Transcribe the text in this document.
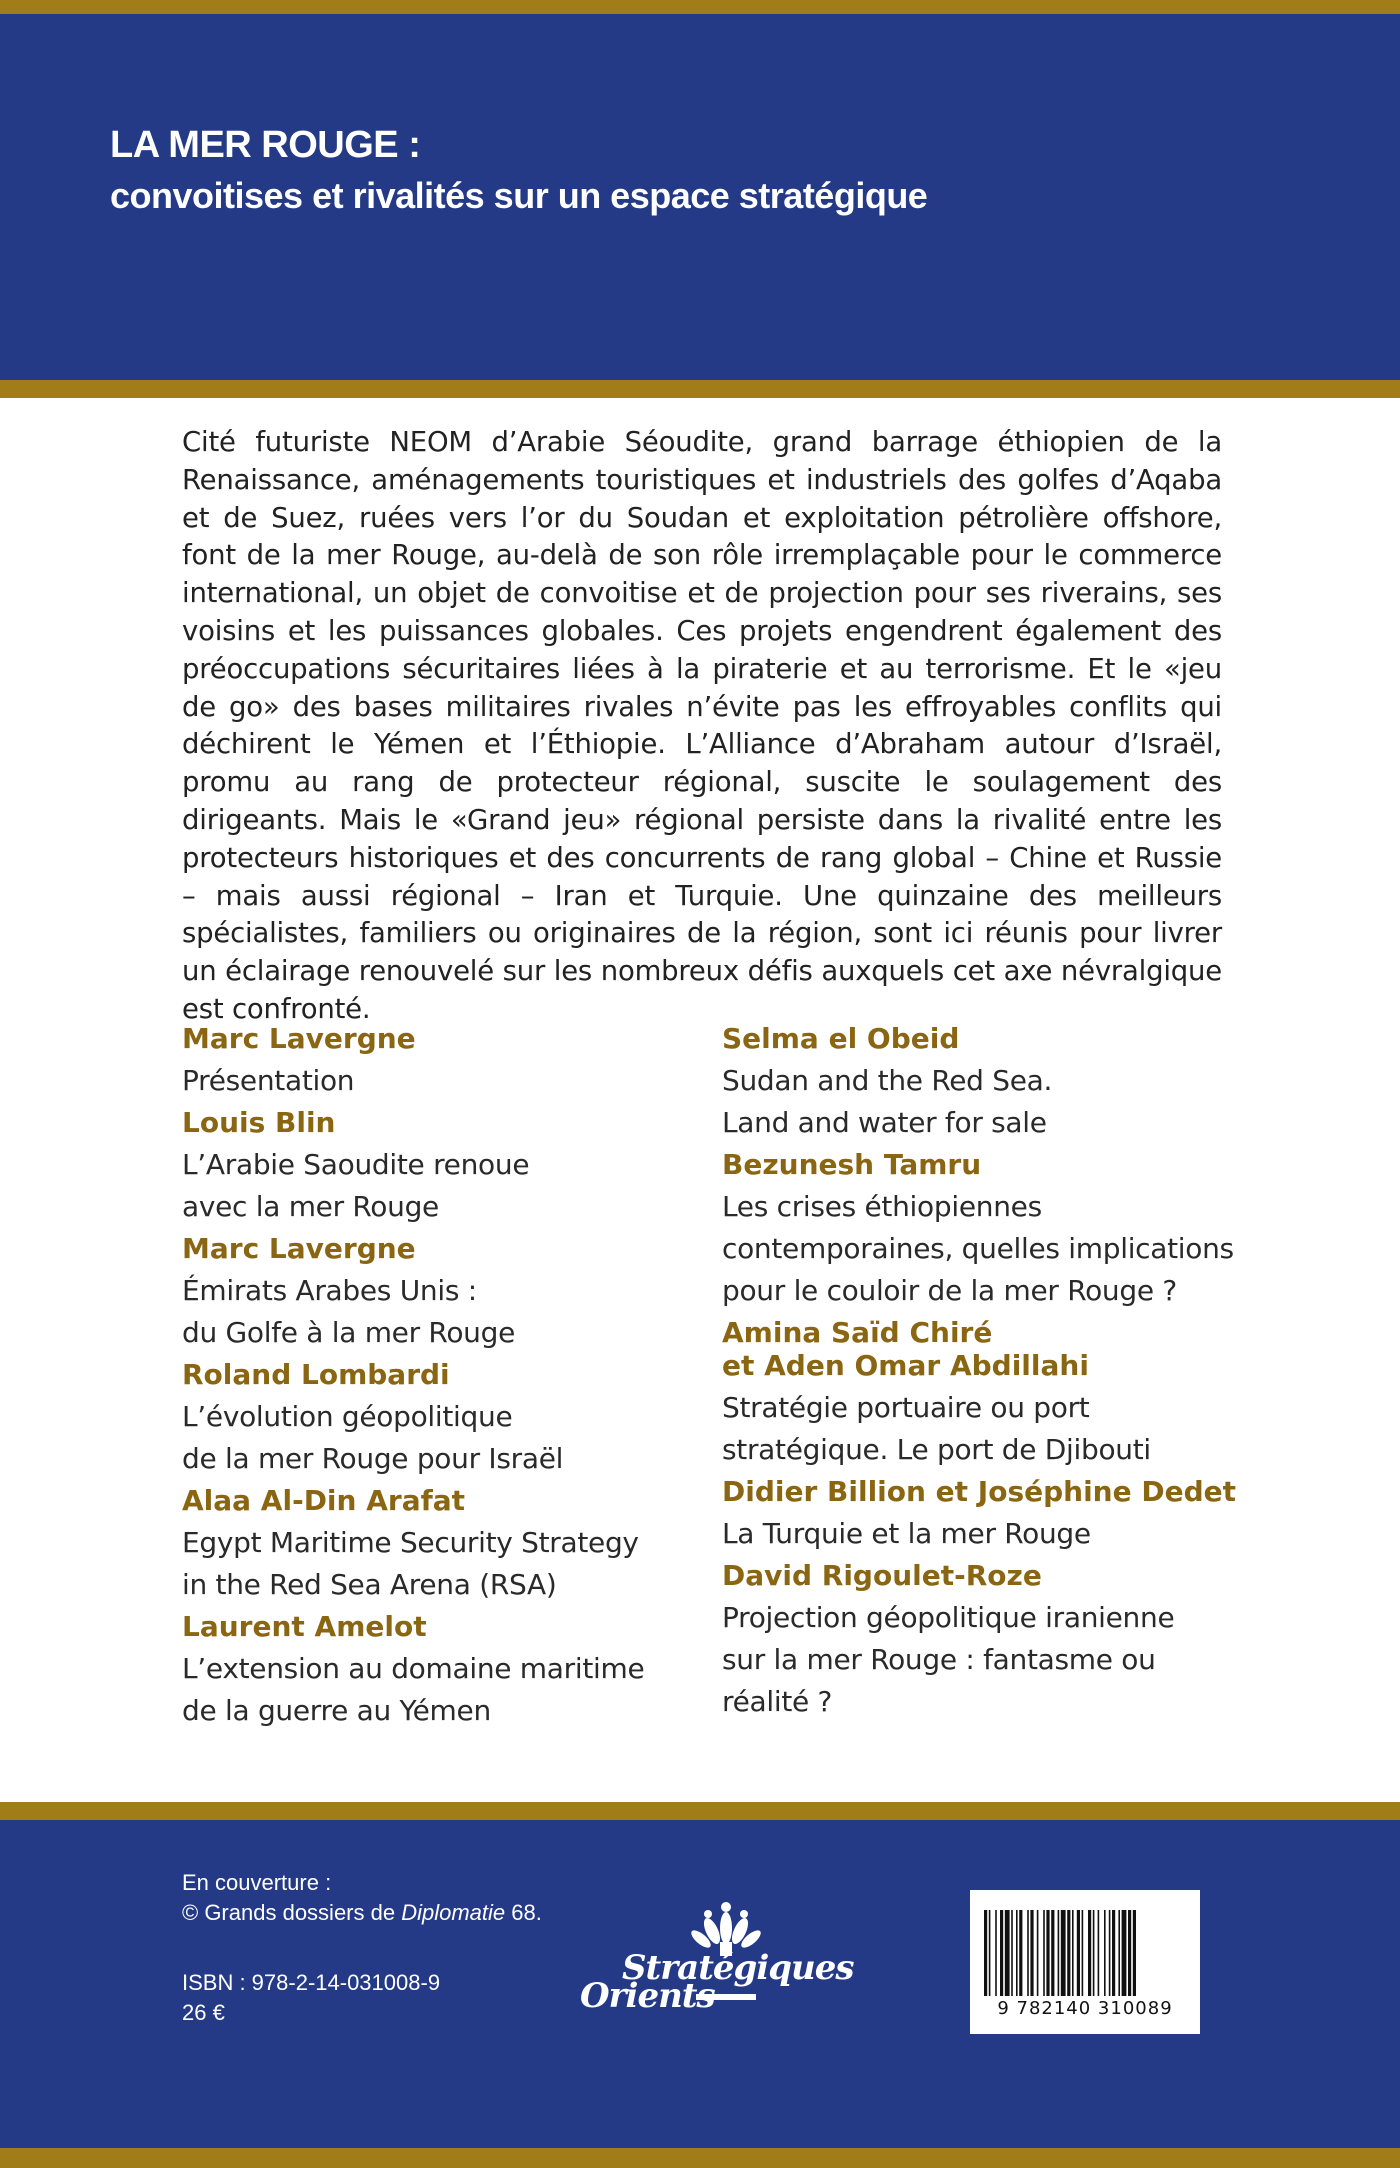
LA MER ROUGE :
convoitises et rivalités sur un espace stratégique
Cité futuriste NEOM d’Arabie Séoudite, grand barrage éthiopien de la Renaissance, aménagements touristiques et industriels des golfes d’Aqaba et de Suez, ruées vers l’or du Soudan et exploitation pétrolière offshore, font de la mer Rouge, au-delà de son rôle irremplaçable pour le commerce international, un objet de convoitise et de projection pour ses riverains, ses voisins et les puissances globales. Ces projets engendrent également des préoccupations sécuritaires liées à la piraterie et au terrorisme. Et le «jeu de go» des bases militaires rivales n’évite pas les effroyables conflits qui déchirent le Yémen et l’Éthiopie. L’Alliance d’Abraham autour d’Israël, promu au rang de protecteur régional, suscite le soulagement des dirigeants. Mais le «Grand jeu» régional persiste dans la rivalité entre les protecteurs historiques et des concurrents de rang global – Chine et Russie – mais aussi régional – Iran et Turquie. Une quinzaine des meilleurs spécialistes, familiers ou originaires de la région, sont ici réunis pour livrer un éclairage renouvelé sur les nombreux défis auxquels cet axe névralgique est confronté.
Marc Lavergne
Présentation
Louis Blin
L’Arabie Saoudite renoue
avec la mer Rouge
Marc Lavergne
Émirats Arabes Unis :
du Golfe à la mer Rouge
Roland Lombardi
L’évolution géopolitique
de la mer Rouge pour Israël
Alaa Al-Din Arafat
Egypt Maritime Security Strategy
in the Red Sea Arena (RSA)
Laurent Amelot
L’extension au domaine maritime
de la guerre au Yémen
Selma el Obeid
Sudan and the Red Sea.
Land and water for sale
Bezunesh Tamru
Les crises éthiopiennes
contemporaines, quelles implications
pour le couloir de la mer Rouge ?
Amina Saïd Chiré
et Aden Omar Abdillahi
Stratégie portuaire ou port
stratégique. Le port de Djibouti
Didier Billion et Joséphine Dedet
La Turquie et la mer Rouge
David Rigoulet-Roze
Projection géopolitique iranienne
sur la mer Rouge : fantasme ou
réalité ?
En couverture :
© Grands dossiers de Diplomatie 68.
ISBN : 978-2-14-031008-9
26 €
Stratégiques
Orients	9 782140 310089
